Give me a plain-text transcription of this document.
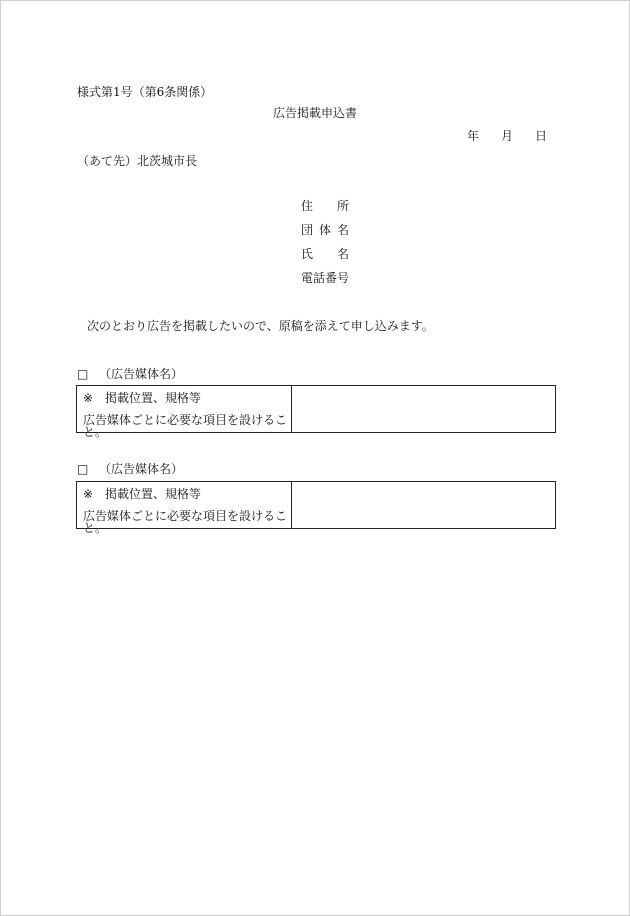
様式第1号（第6条関係）
広告掲載申込書
年 月 日
（あて先）北茨城市長
住 所
団 体 名
氏 名
電話番号
次のとおり広告を掲載したいので、原稿を添えて申し込みます。
□ （広告媒体名）
※ 掲載位置、規格等
広告媒体ごとに必要な項目を設けること。

□ （広告媒体名）
※ 掲載位置、規格等
広告媒体ごとに必要な項目を設けること。
